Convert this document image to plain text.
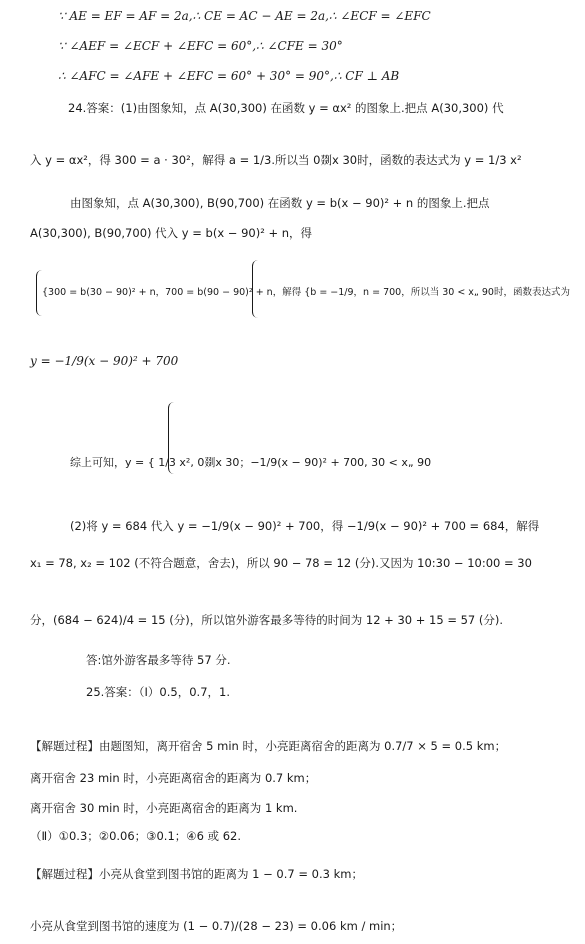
∵ AE = EF = AF = 2a,∴ CE = AC − AE = 2a,∴ ∠ECF = ∠EFC
∵ ∠AEF = ∠ECF + ∠EFC = 60°,∴ ∠CFE = 30°
∴ ∠AFC = ∠AFE + ∠EFC = 60° + 30° = 90°,∴ CF ⊥ AB
24.答案：(1)由图象知，点 A(30,300) 在函数 y = αx² 的图象上.把点 A(30,300) 代
入 y = αx²，得 300 = a · 30²，解得 a = 1/3.所以当 0剟x 30时，函数的表达式为 y = 1/3 x²
由图象知，点 A(30,300), B(90,700) 在函数 y = b(x − 90)² + n 的图象上.把点
A(30,300), B(90,700) 代入 y = b(x − 90)² + n，得
{300 = b(30 − 90)² + n，700 = b(90 − 90)² + n，解得 {b = −1/9，n = 700，所以当 30 < x„ 90时，函数表达式为
y = −1/9(x − 90)² + 700
综上可知，y = { 1/3 x², 0剟x 30；−1/9(x − 90)² + 700, 30 < x„ 90
(2)将 y = 684 代入 y = −1/9(x − 90)² + 700，得 −1/9(x − 90)² + 700 = 684，解得
x₁ = 78, x₂ = 102 (不符合题意，舍去)，所以 90 − 78 = 12 (分).又因为 10:30 − 10:00 = 30
分，(684 − 624)/4 = 15 (分)，所以馆外游客最多等待的时间为 12 + 30 + 15 = 57 (分).
答:馆外游客最多等待 57 分.
25.答案：（Ⅰ）0.5，0.7，1.
【解题过程】由题图知，离开宿舍 5 min 时，小亮距离宿舍的距离为 0.7/7 × 5 = 0.5 km；
离开宿舍 23 min 时，小亮距离宿舍的距离为 0.7 km；
离开宿舍 30 min 时，小亮距离宿舍的距离为 1 km.
（Ⅱ）①0.3；②0.06；③0.1；④6 或 62.
【解题过程】小亮从食堂到图书馆的距离为 1 − 0.7 = 0.3 km；
小亮从食堂到图书馆的速度为 (1 − 0.7)/(28 − 23) = 0.06 km / min；
